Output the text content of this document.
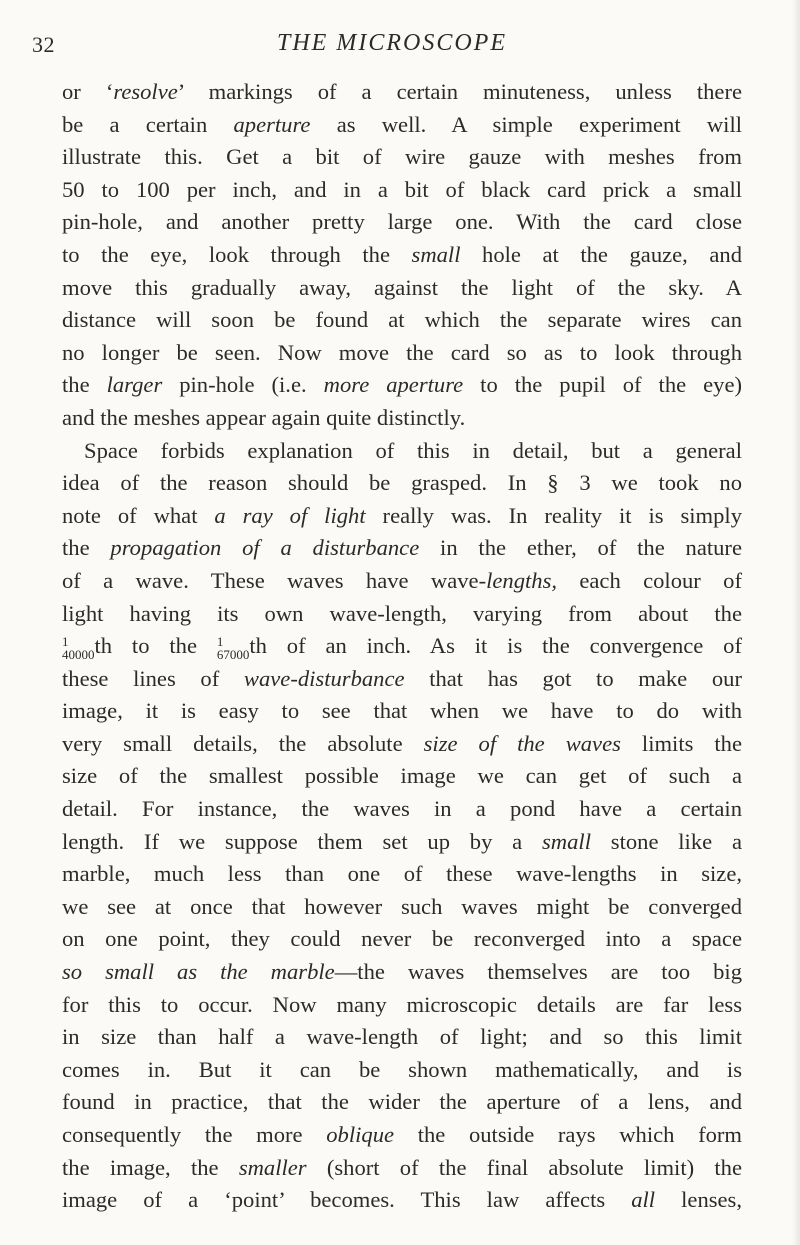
32	THE MICROSCOPE
or ‘resolve’ markings of a certain minuteness, unless there
be a certain aperture as well. A simple experiment will
illustrate this. Get a bit of wire gauze with meshes from
50 to 100 per inch, and in a bit of black card prick a small
pin-hole, and another pretty large one. With the card close
to the eye, look through the small hole at the gauze, and
move this gradually away, against the light of the sky. A
distance will soon be found at which the separate wires can
no longer be seen. Now move the card so as to look through
the larger pin-hole (i.e. more aperture to the pupil of the eye)
and the meshes appear again quite distinctly.
Space forbids explanation of this in detail, but a general
idea of the reason should be grasped. In § 3 we took no
note of what a ray of light really was. In reality it is simply
the propagation of a disturbance in the ether, of the nature
of a wave. These waves have wave-lengths, each colour of
light having its own wave-length, varying from about the
1
40000 th to the 1
67000 th of an inch. As it is the convergence of
these lines of wave-disturbance that has got to make our
image, it is easy to see that when we have to do with
very small details, the absolute size of the waves limits the
size of the smallest possible image we can get of such a
detail. For instance, the waves in a pond have a certain
length. If we suppose them set up by a small stone like a
marble, much less than one of these wave-lengths in size,
we see at once that however such waves might be converged
on one point, they could never be reconverged into a space
so small as the marble—the waves themselves are too big
for this to occur. Now many microscopic details are far less
in size than half a wave-length of light; and so this limit
comes in. But it can be shown mathematically, and is
found in practice, that the wider the aperture of a lens, and
consequently the more oblique the outside rays which form
the image, the smaller (short of the final absolute limit) the
image of a ‘point’ becomes. This law affects all lenses,
